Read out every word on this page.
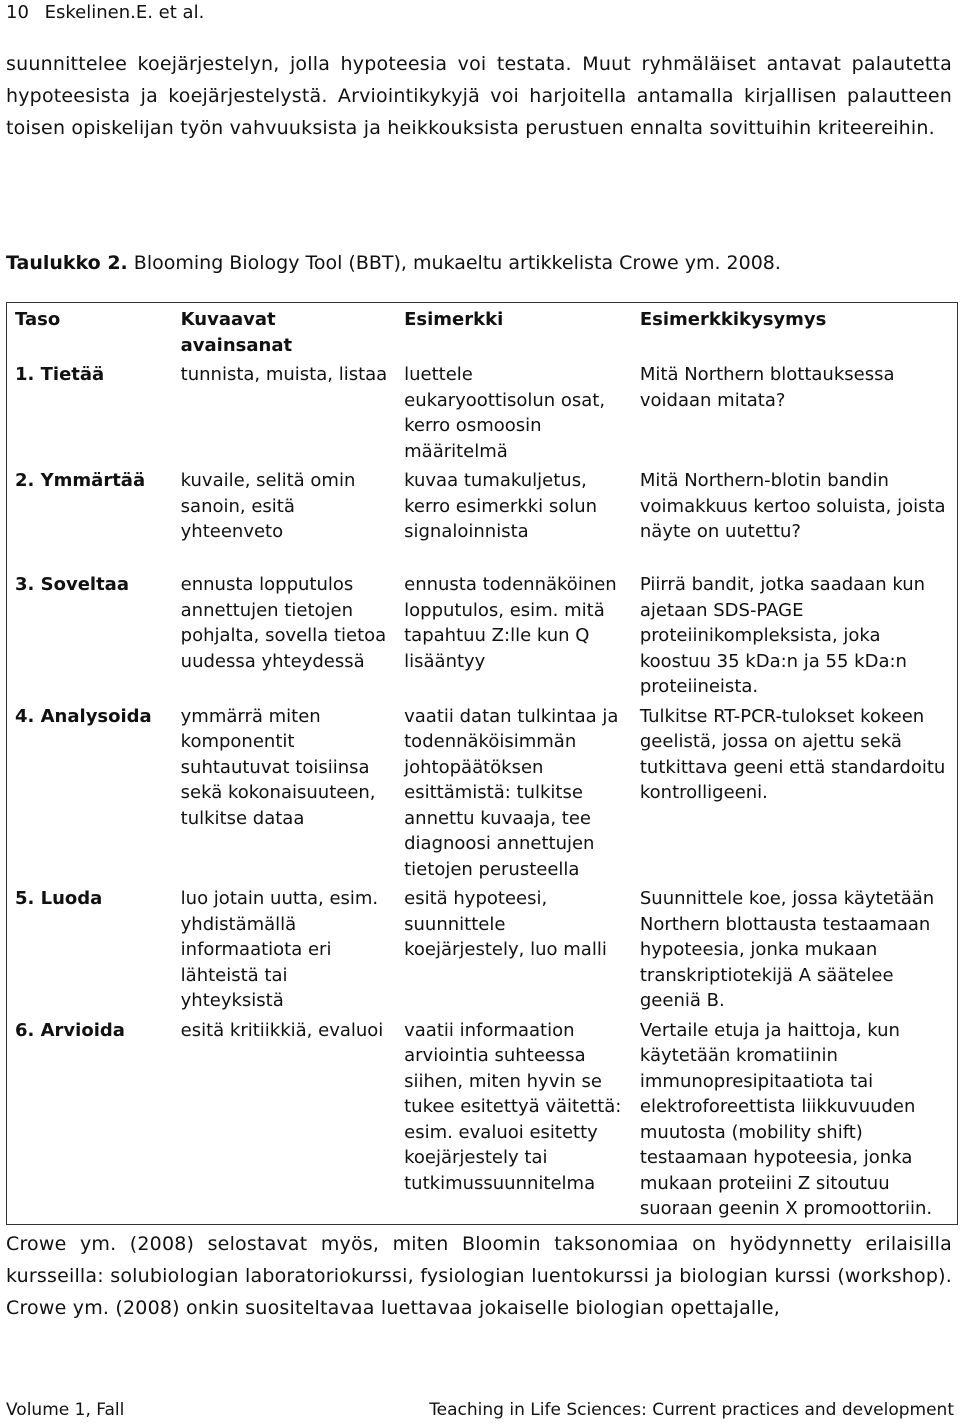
10 Eskelinen.E. et al.
suunnittelee koejärjestelyn, jolla hypoteesia voi testata. Muut ryhmäläiset antavat palautetta hypoteesista ja koejärjestelystä. Arviointikykyjä voi harjoitella antamalla kirjallisen palautteen toisen opiskelijan työn vahvuuksista ja heikkouksista perustuen ennalta sovittuihin kriteereihin.
Taulukko 2. Blooming Biology Tool (BBT), mukaeltu artikkelista Crowe ym. 2008.
Taso	Kuvaavat avainsanat	Esimerkki	Esimerkkikysymys
1. Tietää	tunnista, muista, listaa	luettele eukaryoottisolun osat, kerro osmoosin määritelmä	Mitä Northern blottauksessa voidaan mitata?
2. Ymmärtää	kuvaile, selitä omin sanoin, esitä yhteenveto	kuvaa tumakuljetus, kerro esimerkki solun signaloinnista	Mitä Northern-blotin bandin voimakkuus kertoo soluista, joista näyte on uutettu?
3. Soveltaa	ennusta lopputulos annettujen tietojen pohjalta, sovella tietoa uudessa yhteydessä	ennusta todennäköinen lopputulos, esim. mitä tapahtuu Z:lle kun Q lisääntyy	Piirrä bandit, jotka saadaan kun ajetaan SDS-PAGE proteiinikompleksista, joka koostuu 35 kDa:n ja 55 kDa:n proteiineista.
4. Analysoida	ymmärrä miten komponentit suhtautuvat toisiinsa sekä kokonaisuuteen, tulkitse dataa	vaatii datan tulkintaa ja todennäköisimmän johtopäätöksen esittämistä: tulkitse annettu kuvaaja, tee diagnoosi annettujen tietojen perusteella	Tulkitse RT-PCR-tulokset kokeen geelistä, jossa on ajettu sekä tutkittava geeni että standardoitu kontrolligeeni.
5. Luoda	luo jotain uutta, esim. yhdistämällä informaatiota eri lähteistä tai yhteyksistä	esitä hypoteesi, suunnittele koejärjestely, luo malli	Suunnittele koe, jossa käytetään Northern blottausta testaamaan hypoteesia, jonka mukaan transkriptiotekijä A säätelee geeniä B.
6. Arvioida	esitä kritiikkiä, evaluoi	vaatii informaation arviointia suhteessa siihen, miten hyvin se tukee esitettyä väitettä: esim. evaluoi esitetty koejärjestely tai tutkimussuunnitelma	Vertaile etuja ja haittoja, kun käytetään kromatiinin immunopresipitaatiota tai elektroforeettista liikkuvuuden muutosta (mobility shift) testaamaan hypoteesia, jonka mukaan proteiini Z sitoutuu suoraan geenin X promoottoriin.
Crowe ym. (2008) selostavat myös, miten Bloomin taksonomiaa on hyödynnetty erilaisilla kursseilla: solubiologian laboratoriokurssi, fysiologian luentokurssi ja biologian kurssi (workshop). Crowe ym. (2008) onkin suositeltavaa luettavaa jokaiselle biologian opettajalle,
Volume 1, Fall	Teaching in Life Sciences: Current practices and development
